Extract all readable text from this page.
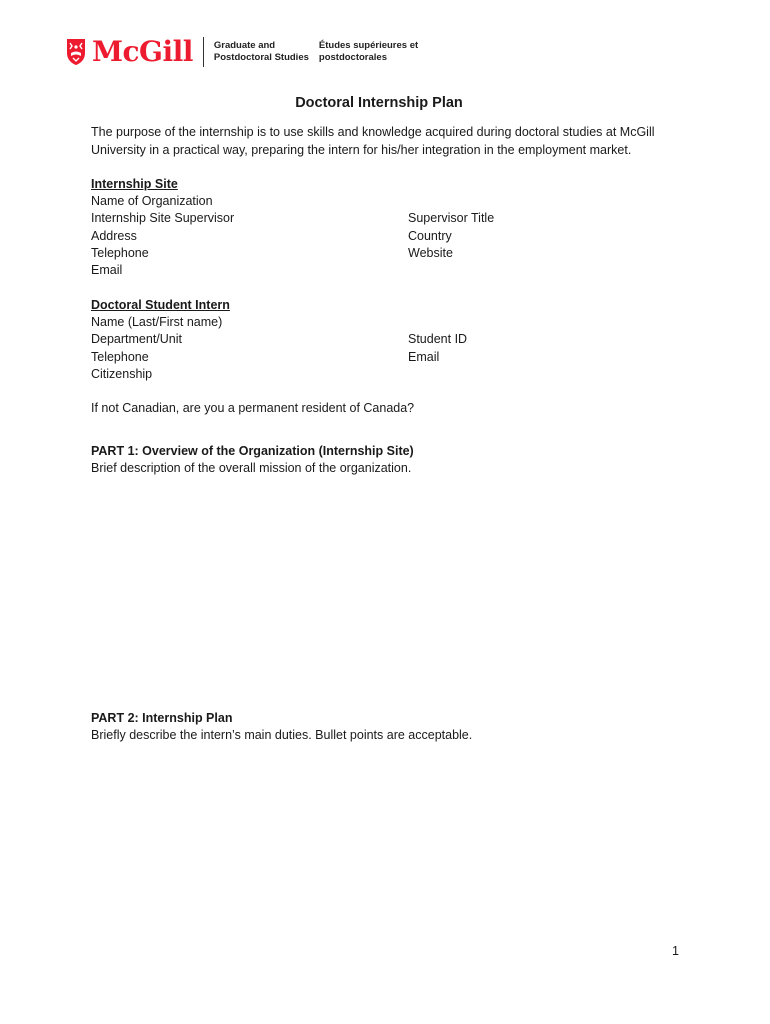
McGill Graduate and
Postdoctoral Studies
Études supérieures et
postdoctorales

Doctoral Internship Plan

The purpose of the internship is to use skills and knowledge acquired during doctoral studies at McGill

University in a practical way, preparing the intern for his/her integration in the employment market.

Internship Site
Name of Organization
Internship Site Supervisor	Supervisor Title
Address	Country
Telephone	Website
Email
Doctoral Student Intern
Name (Last/First name)
Department/Unit	Student ID
Telephone	Email
Citizenship
If not Canadian, are you a permanent resident of Canada?
PART 1: Overview of the Organization (Internship Site)
Brief description of the overall mission of the organization.
PART 2: Internship Plan
Briefly describe the intern’s main duties. Bullet points are acceptable.
1
